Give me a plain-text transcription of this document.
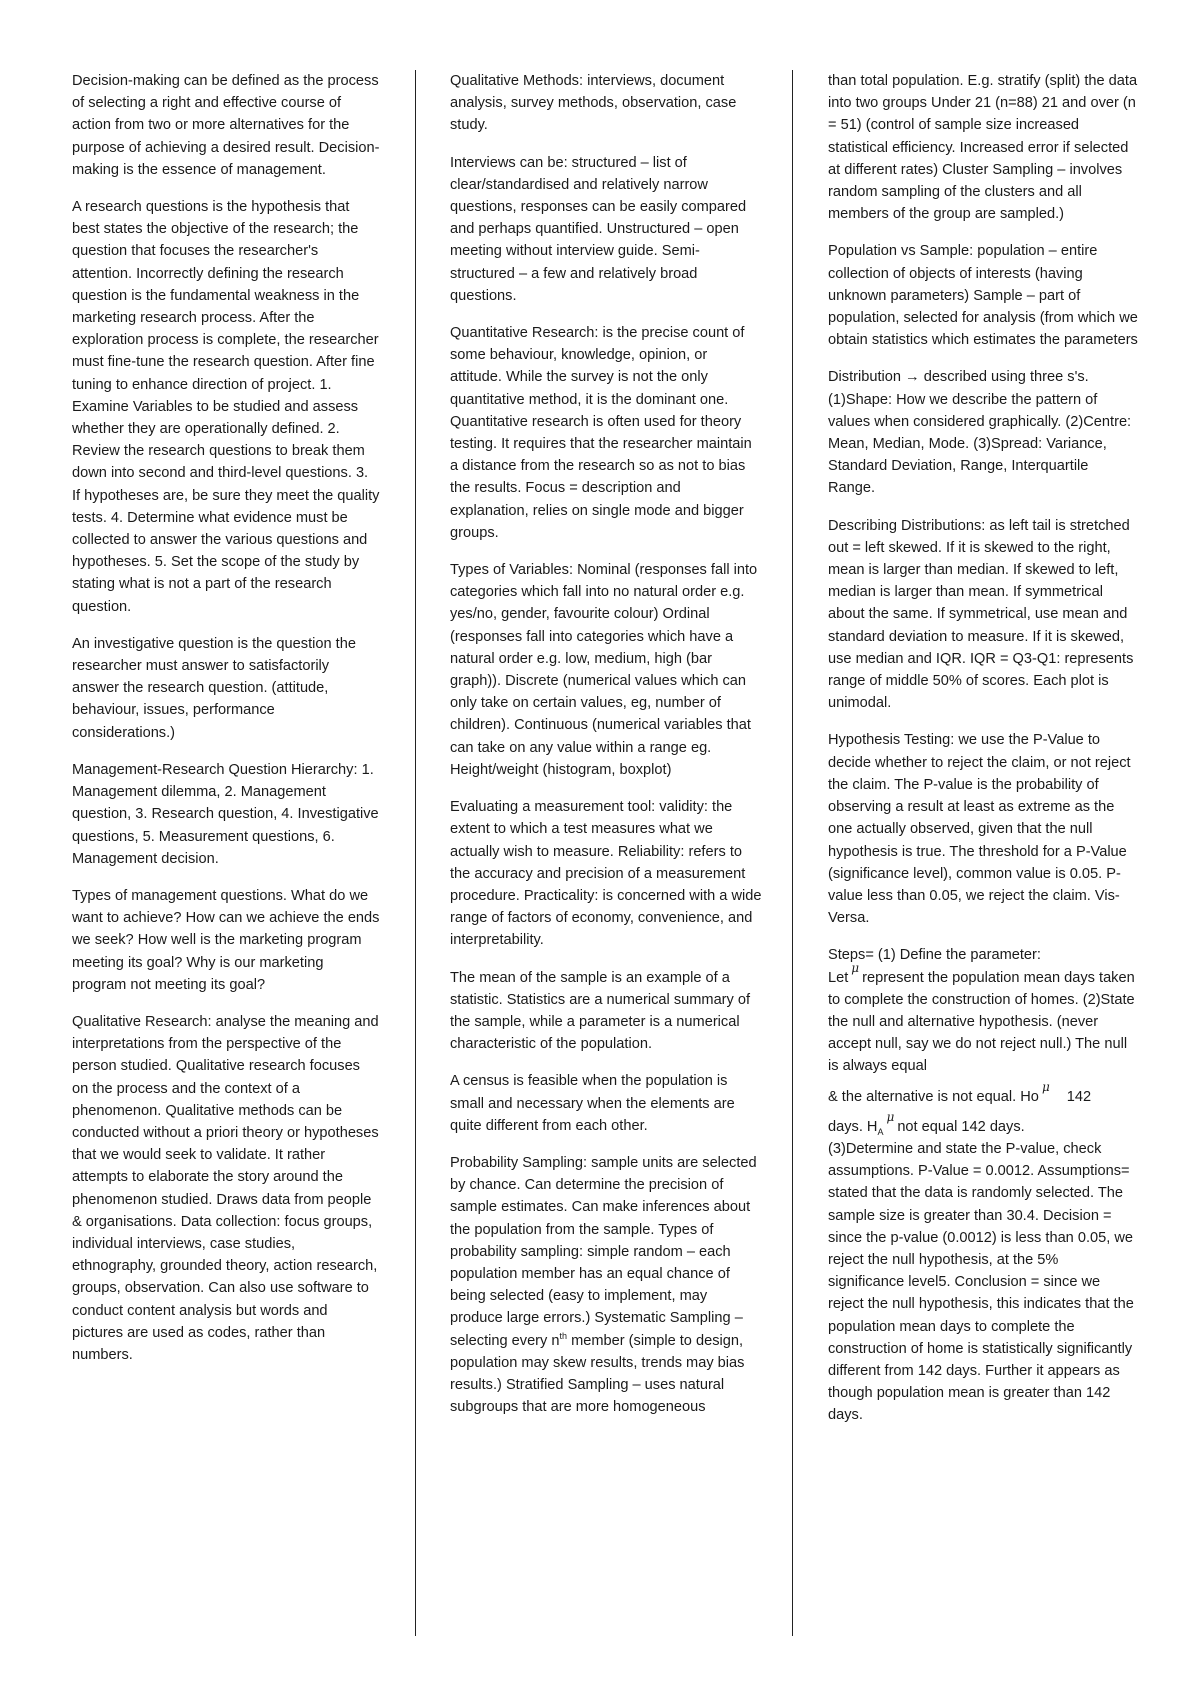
Decision-making can be defined as the process of selecting a right and effective course of action from two or more alternatives for the purpose of achieving a desired result. Decision-making is the essence of management.

A research questions is the hypothesis that best states the objective of the research; the question that focuses the researcher's attention. Incorrectly defining the research question is the fundamental weakness in the marketing research process. After the exploration process is complete, the researcher must fine-tune the research question. After fine tuning to enhance direction of project. 1. Examine Variables to be studied and assess whether they are operationally defined. 2. Review the research questions to break them down into second and third-level questions. 3. If hypotheses are, be sure they meet the quality tests. 4. Determine what evidence must be collected to answer the various questions and hypotheses. 5. Set the scope of the study by stating what is not a part of the research question.

An investigative question is the question the researcher must answer to satisfactorily answer the research question. (attitude, behaviour, issues, performance considerations.)

Management-Research Question Hierarchy: 1. Management dilemma, 2. Management question, 3. Research question, 4. Investigative questions, 5. Measurement questions, 6. Management decision.

Types of management questions. What do we want to achieve? How can we achieve the ends we seek? How well is the marketing program meeting its goal? Why is our marketing program not meeting its goal?

Qualitative Research: analyse the meaning and interpretations from the perspective of the person studied. Qualitative research focuses on the process and the context of a phenomenon. Qualitative methods can be conducted without a priori theory or hypotheses that we would seek to validate. It rather attempts to elaborate the story around the phenomenon studied. Draws data from people & organisations. Data collection: focus groups, individual interviews, case studies, ethnography, grounded theory, action research, groups, observation. Can also use software to conduct content analysis but words and pictures are used as codes, rather than numbers.

Qualitative Methods: interviews, document analysis, survey methods, observation, case study.

Interviews can be: structured – list of clear/standardised and relatively narrow questions, responses can be easily compared and perhaps quantified. Unstructured – open meeting without interview guide. Semi-structured – a few and relatively broad questions.

Quantitative Research: is the precise count of some behaviour, knowledge, opinion, or attitude. While the survey is not the only quantitative method, it is the dominant one. Quantitative research is often used for theory testing. It requires that the researcher maintain a distance from the research so as not to bias the results. Focus = description and explanation, relies on single mode and bigger groups.

Types of Variables: Nominal (responses fall into categories which fall into no natural order e.g. yes/no, gender, favourite colour) Ordinal (responses fall into categories which have a natural order e.g. low, medium, high (bar graph)). Discrete (numerical values which can only take on certain values, eg, number of children). Continuous (numerical variables that can take on any value within a range eg. Height/weight (histogram, boxplot)

Evaluating a measurement tool: validity: the extent to which a test measures what we actually wish to measure. Reliability: refers to the accuracy and precision of a measurement procedure. Practicality: is concerned with a wide range of factors of economy, convenience, and interpretability.

The mean of the sample is an example of a statistic. Statistics are a numerical summary of the sample, while a parameter is a numerical characteristic of the population.

A census is feasible when the population is small and necessary when the elements are quite different from each other.

Probability Sampling: sample units are selected by chance. Can determine the precision of sample estimates. Can make inferences about the population from the sample. Types of probability sampling: simple random – each population member has an equal chance of being selected (easy to implement, may produce large errors.) Systematic Sampling – selecting every $n^{th}$ member (simple to design, population may skew results, trends may bias results.) Stratified Sampling – uses natural subgroups that are more homogeneous

than total population. E.g. stratify (split) the data into two groups Under 21 (n=88) 21 and over (n = 51) (control of sample size increased statistical efficiency. Increased error if selected at different rates) Cluster Sampling – involves random sampling of the clusters and all members of the group are sampled.)

Population vs Sample: population – entire collection of objects of interests (having unknown parameters) Sample – part of population, selected for analysis (from which we obtain statistics which estimates the parameters

Distribution → described using three s's. (1)Shape: How we describe the pattern of values when considered graphically. (2)Centre: Mean, Median, Mode. (3)Spread: Variance, Standard Deviation, Range, Interquartile Range.

Describing Distributions: as left tail is stretched out = left skewed. If it is skewed to the right, mean is larger than median. If skewed to left, median is larger than mean. If symmetrical about the same. If symmetrical, use mean and standard deviation to measure. If it is skewed, use median and IQR. IQR = Q3-Q1: represents range of middle 50% of scores. Each plot is unimodal.

Hypothesis Testing: we use the P-Value to decide whether to reject the claim, or not reject the claim. The P-value is the probability of observing a result at least as extreme as the one actually observed, given that the null hypothesis is true. The threshold for a P-Value (significance level), common value is 0.05. P-value less than 0.05, we reject the claim. Vis-Versa.

Steps= (1) Define the parameter: Let$^\mu$represent the population mean days taken to complete the construction of homes. (2)State the null and alternative hypothesis. (never accept null, say we do not reject null.) The null is always equal

& the alternative is not equal. $Ho^\mu 142$

days. $H_A^\mu not$ equal 142 days.
(3)Determine and state the P-value, check assumptions. P-Value = 0.0012. Assumptions= stated that the data is randomly selected. The sample size is greater than 30.4. Decision = since the p-value (0.0012) is less than 0.05, we reject the null hypothesis, at the 5% significance level5. Conclusion = since we reject the null hypothesis, this indicates that the population mean days to complete the construction of home is statistically significantly different from 142 days. Further it appears as though population mean is greater than 142 days.
